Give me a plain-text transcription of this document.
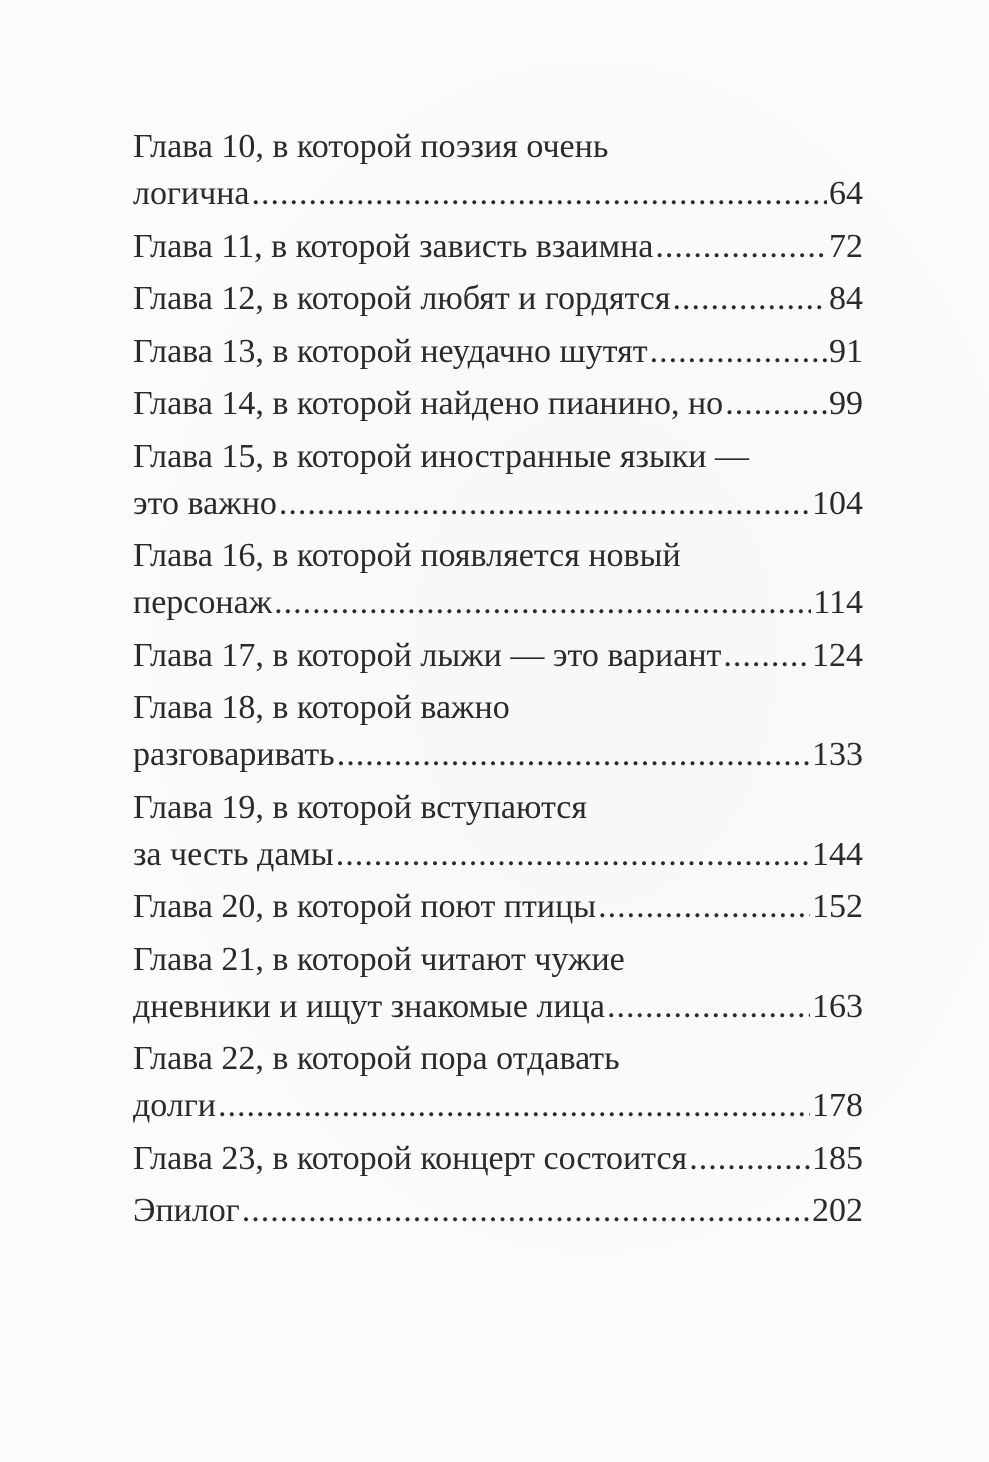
Глава 10, в которой поэзия очень
логична .....	64
Глава 11, в которой зависть взаимна .....	72
Глава 12, в которой любят и гордятся .....	84
Глава 13, в которой неудачно шутят .....	91
Глава 14, в которой найдено пианино, но .....	99
Глава 15, в которой иностранные языки —
это важно .....	104
Глава 16, в которой появляется новый
персонаж .....	114
Глава 17, в которой лыжи — это вариант .....	124
Глава 18, в которой важно
разговаривать .....	133
Глава 19, в которой вступаются
за честь дамы .....	144
Глава 20, в которой поют птицы .....	152
Глава 21, в которой читают чужие
дневники и ищут знакомые лица .....	163
Глава 22, в которой пора отдавать
долги .....	178
Глава 23, в которой концерт состоится .....	185
Эпилог .....	202
